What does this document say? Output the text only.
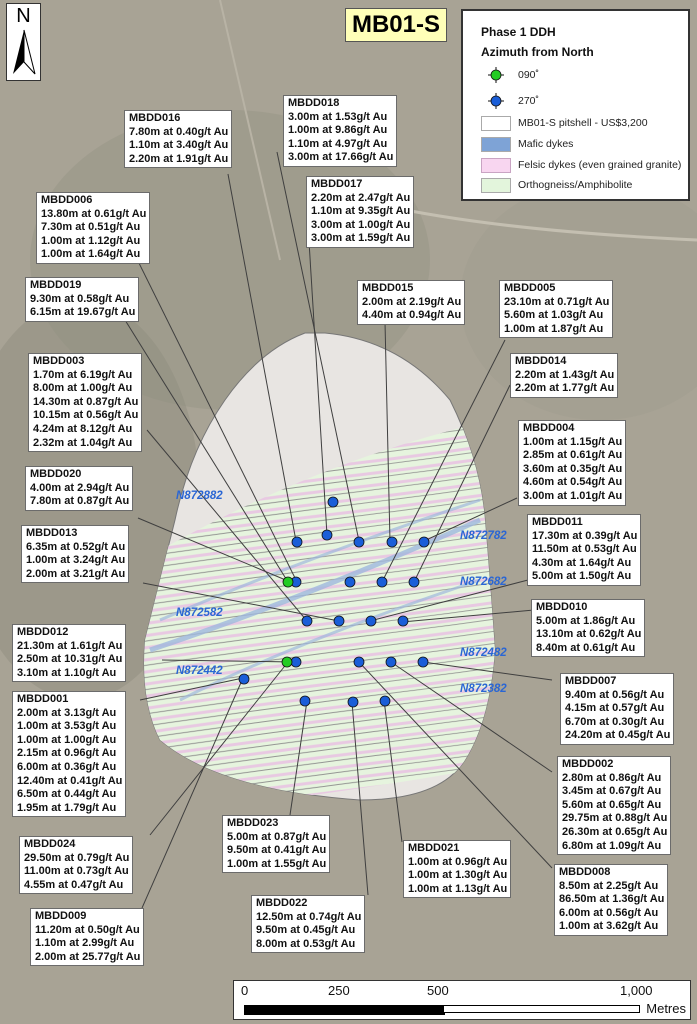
N	MB01-S	Phase 1 DDH
Azimuth from North
090˚
270˚
MB01-S pitshell - US$3,200
Mafic dykes
Felsic dykes (even grained granite)
Orthogneiss/Amphibolite
N872882
N872782
N872682
N872582
N872482
N872442
N872382
MBDD016
7.80m at 0.40g/t Au
1.10m at 3.40g/t Au
2.20m at 1.91g/t Au
MBDD018
3.00m at 1.53g/t Au
1.00m at 9.86g/t Au
1.10m at 4.97g/t Au
3.00m at 17.66g/t Au
MBDD006
13.80m at 0.61g/t Au
7.30m at 0.51g/t Au
1.00m at 1.12g/t Au
1.00m at 1.64g/t Au
MBDD017
2.20m at 2.47g/t Au
1.10m at 9.35g/t Au
3.00m at 1.00g/t Au
3.00m at 1.59g/t Au
MBDD019
9.30m at 0.58g/t Au
6.15m at 19.67g/t Au
MBDD015
2.00m at 2.19g/t Au
4.40m at 0.94g/t Au
MBDD005
23.10m at 0.71g/t Au
5.60m at 1.03g/t Au
1.00m at 1.87g/t Au
MBDD003
1.70m at 6.19g/t Au
8.00m at 1.00g/t Au
14.30m at 0.87g/t Au
10.15m at 0.56g/t Au
4.24m at 8.12g/t Au
2.32m at 1.04g/t Au
MBDD014
2.20m at 1.43g/t Au
2.20m at 1.77g/t Au
MBDD004
1.00m at 1.15g/t Au
2.85m at 0.61g/t Au
3.60m at 0.35g/t Au
4.60m at 0.54g/t Au
3.00m at 1.01g/t Au
MBDD020
4.00m at 2.94g/t Au
7.80m at 0.87g/t Au
MBDD013
6.35m at 0.52g/t Au
1.00m at 3.24g/t Au
2.00m at 3.21g/t Au
MBDD011
17.30m at 0.39g/t Au
11.50m at 0.53g/t Au
4.30m at 1.64g/t Au
5.00m at 1.50g/t Au
MBDD010
5.00m at 1.86g/t Au
13.10m at 0.62g/t Au
8.40m at 0.61g/t Au
MBDD012
21.30m at 1.61g/t Au
2.50m at 10.31g/t Au
3.10m at 1.10g/t Au
MBDD007
9.40m at 0.56g/t Au
4.15m at 0.57g/t Au
6.70m at 0.30g/t Au
24.20m at 0.45g/t Au
MBDD001
2.00m at 3.13g/t Au
1.00m at 3.53g/t Au
1.00m at 1.00g/t Au
2.15m at 0.96g/t Au
6.00m at 0.36g/t Au
12.40m at 0.41g/t Au
6.50m at 0.44g/t Au
1.95m at 1.79g/t Au
MBDD002
2.80m at 0.86g/t Au
3.45m at 0.67g/t Au
5.60m at 0.65g/t Au
29.75m at 0.88g/t Au
26.30m at 0.65g/t Au
6.80m at 1.09g/t Au
MBDD023
5.00m at 0.87g/t Au
9.50m at 0.41g/t Au
1.00m at 1.55g/t Au
MBDD024
29.50m at 0.79g/t Au
11.00m at 0.73g/t Au
4.55m at 0.47g/t Au
MBDD021
1.00m at 0.96g/t Au
1.00m at 1.30g/t Au
1.00m at 1.13g/t Au
MBDD008
8.50m at 2.25g/t Au
86.50m at 1.36g/t Au
6.00m at 0.56g/t Au
1.00m at 3.62g/t Au
MBDD022
12.50m at 0.74g/t Au
9.50m at 0.45g/t Au
8.00m at 0.53g/t Au
MBDD009
11.20m at 0.50g/t Au
1.10m at 2.99g/t Au
2.00m at 25.77g/t Au
0	250	500	1,000
Metres
